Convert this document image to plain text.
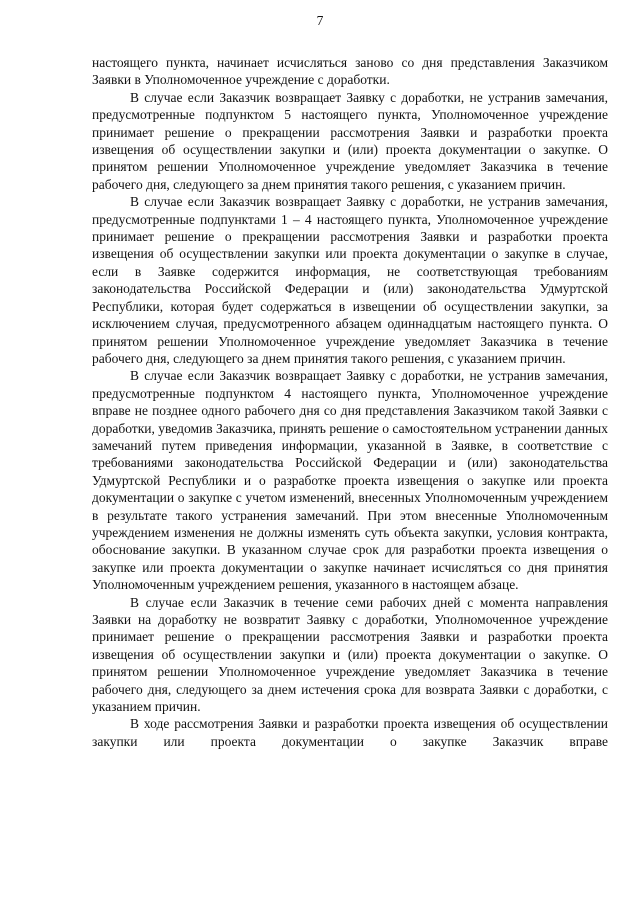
7

настоящего пункта, начинает исчисляться заново со дня представления Заказчиком Заявки в Уполномоченное учреждение с доработки.

В случае если Заказчик возвращает Заявку с доработки, не устранив замечания, предусмотренные подпунктом 5 настоящего пункта, Уполномоченное учреждение принимает решение о прекращении рассмотрения Заявки и разработки проекта извещения об осуществлении закупки и (или) проекта документации о закупке. О принятом решении Уполномоченное учреждение уведомляет Заказчика в течение рабочего дня, следующего за днем принятия такого решения, с указанием причин.

В случае если Заказчик возвращает Заявку с доработки, не устранив замечания, предусмотренные подпунктами 1 – 4 настоящего пункта, Уполномоченное учреждение принимает решение о прекращении рассмотрения Заявки и разработки проекта извещения об осуществлении закупки или проекта документации о закупке в случае, если в Заявке содержится информация, не соответствующая требованиям законодательства Российской Федерации и (или) законодательства Удмуртской Республики, которая будет содержаться в извещении об осуществлении закупки, за исключением случая, предусмотренного абзацем одиннадцатым настоящего пункта. О принятом решении Уполномоченное учреждение уведомляет Заказчика в течение рабочего дня, следующего за днем принятия такого решения, с указанием причин.

В случае если Заказчик возвращает Заявку с доработки, не устранив замечания, предусмотренные подпунктом 4 настоящего пункта, Уполномоченное учреждение вправе не позднее одного рабочего дня со дня представления Заказчиком такой Заявки с доработки, уведомив Заказчика, принять решение о самостоятельном устранении данных замечаний путем приведения информации, указанной в Заявке, в соответствие с требованиями законодательства Российской Федерации и (или) законодательства Удмуртской Республики и о разработке проекта извещения о закупке или проекта документации о закупке с учетом изменений, внесенных Уполномоченным учреждением в результате такого устранения замечаний. При этом внесенные Уполномоченным учреждением изменения не должны изменять суть объекта закупки, условия контракта, обоснование закупки. В указанном случае срок для разработки проекта извещения о закупке или проекта документации о закупке начинает исчисляться со дня принятия Уполномоченным учреждением решения, указанного в настоящем абзаце.

В случае если Заказчик в течение семи рабочих дней с момента направления Заявки на доработку не возвратит Заявку с доработки, Уполномоченное учреждение принимает решение о прекращении рассмотрения Заявки и разработки проекта извещения об осуществлении закупки и (или) проекта документации о закупке. О принятом решении Уполномоченное учреждение уведомляет Заказчика в течение рабочего дня, следующего за днем истечения срока для возврата Заявки с доработки, с указанием причин.

В ходе рассмотрения Заявки и разработки проекта извещения об осуществлении закупки или проекта документации о закупке Заказчик вправе
